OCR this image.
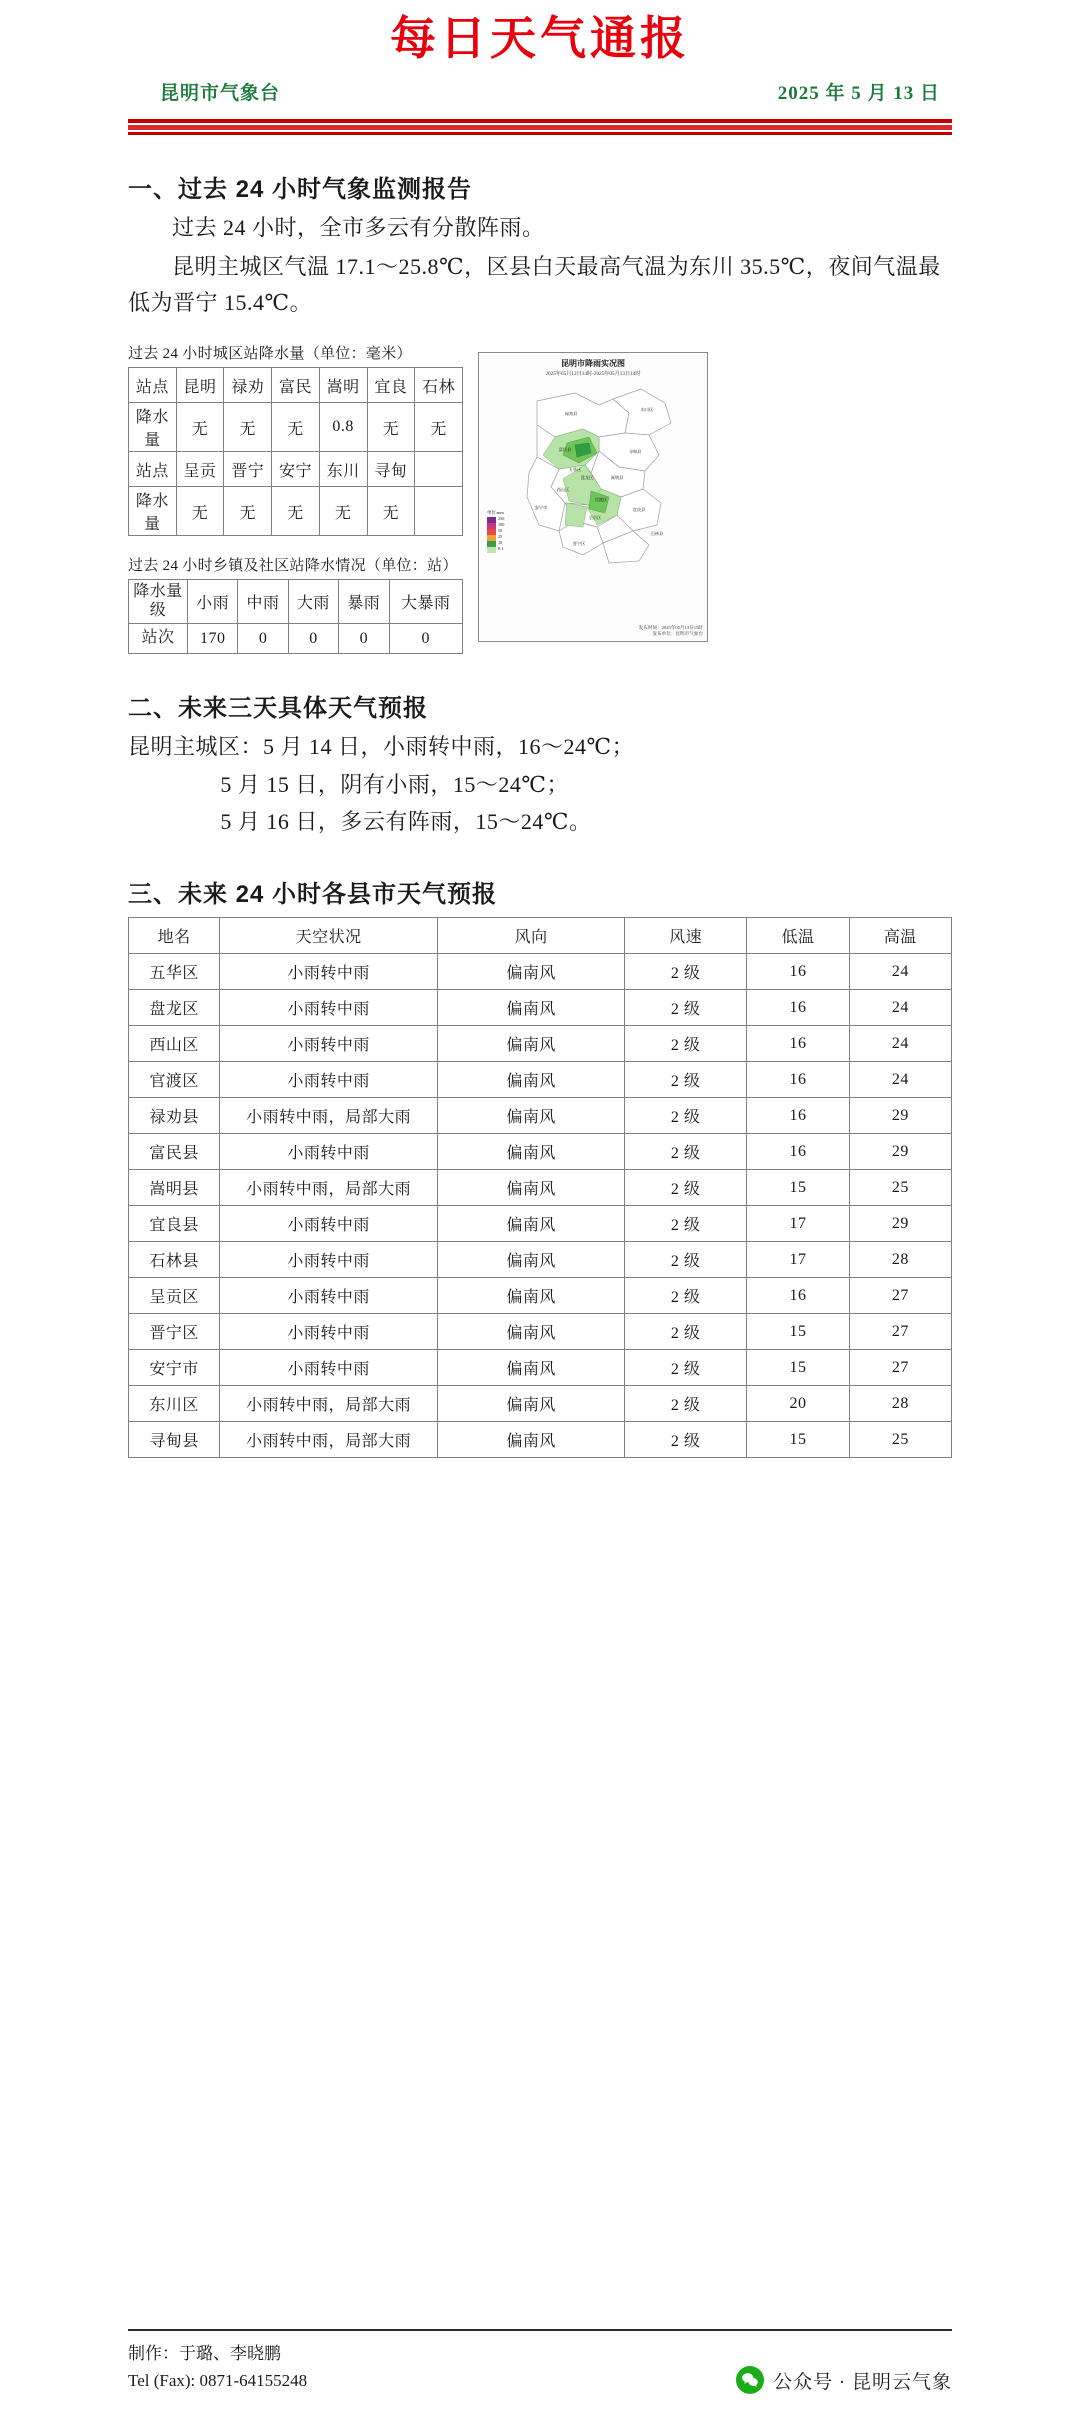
每日天气通报
昆明市气象台	2025 年 5 月 13 日
一、过去 24 小时气象监测报告

过去 24 小时，全市多云有分散阵雨。

昆明主城区气温 17.1～25.8℃，区县白天最高气温为东川 35.5℃，夜间气温最低为晋宁 15.4℃。

过去 24 小时城区站降水量（单位：毫米）
站点	昆明	禄劝	富民	嵩明	宜良	石林
降水量	无	无	无	0.8	无	无
站点	呈贡	晋宁	安宁	东川	寻甸	
降水量	无	无	无	无	无	
过去 24 小时乡镇及社区站降水情况（单位：站）
降水量级	小雨	中雨	大雨	暴雨	大暴雨
站次	170	0	0	0	0
昆明市降雨实况图
2025年05月12日14时-2025年05月13日14时
禄劝县
东川区
寻甸县
富民县
嵩明县
盘龙区
西山区
官渡区
呈贡区
宜良县
石林县
安宁市
晋宁区
五华区
单位:mm
250
100
50
25
10
0.1
发布时间：2025年05月13日15时
发布单位：昆明市气象台
二、未来三天具体天气预报
昆明主城区：5 月 14 日，小雨转中雨，16～24℃；
5 月 15 日，阴有小雨，15～24℃；
5 月 16 日，多云有阵雨，15～24℃。
三、未来 24 小时各县市天气预报
地名	天空状况	风向	风速	低温	高温
五华区	小雨转中雨	偏南风	2 级	16	24
盘龙区	小雨转中雨	偏南风	2 级	16	24
西山区	小雨转中雨	偏南风	2 级	16	24
官渡区	小雨转中雨	偏南风	2 级	16	24
禄劝县	小雨转中雨，局部大雨	偏南风	2 级	16	29
富民县	小雨转中雨	偏南风	2 级	16	29
嵩明县	小雨转中雨，局部大雨	偏南风	2 级	15	25
宜良县	小雨转中雨	偏南风	2 级	17	29
石林县	小雨转中雨	偏南风	2 级	17	28
呈贡区	小雨转中雨	偏南风	2 级	16	27
晋宁区	小雨转中雨	偏南风	2 级	15	27
安宁市	小雨转中雨	偏南风	2 级	15	27
东川区	小雨转中雨，局部大雨	偏南风	2 级	20	28
寻甸县	小雨转中雨，局部大雨	偏南风	2 级	15	25
制作：于璐、李晓鹏
Tel (Fax): 0871-64155248	公众号 · 昆明云气象
